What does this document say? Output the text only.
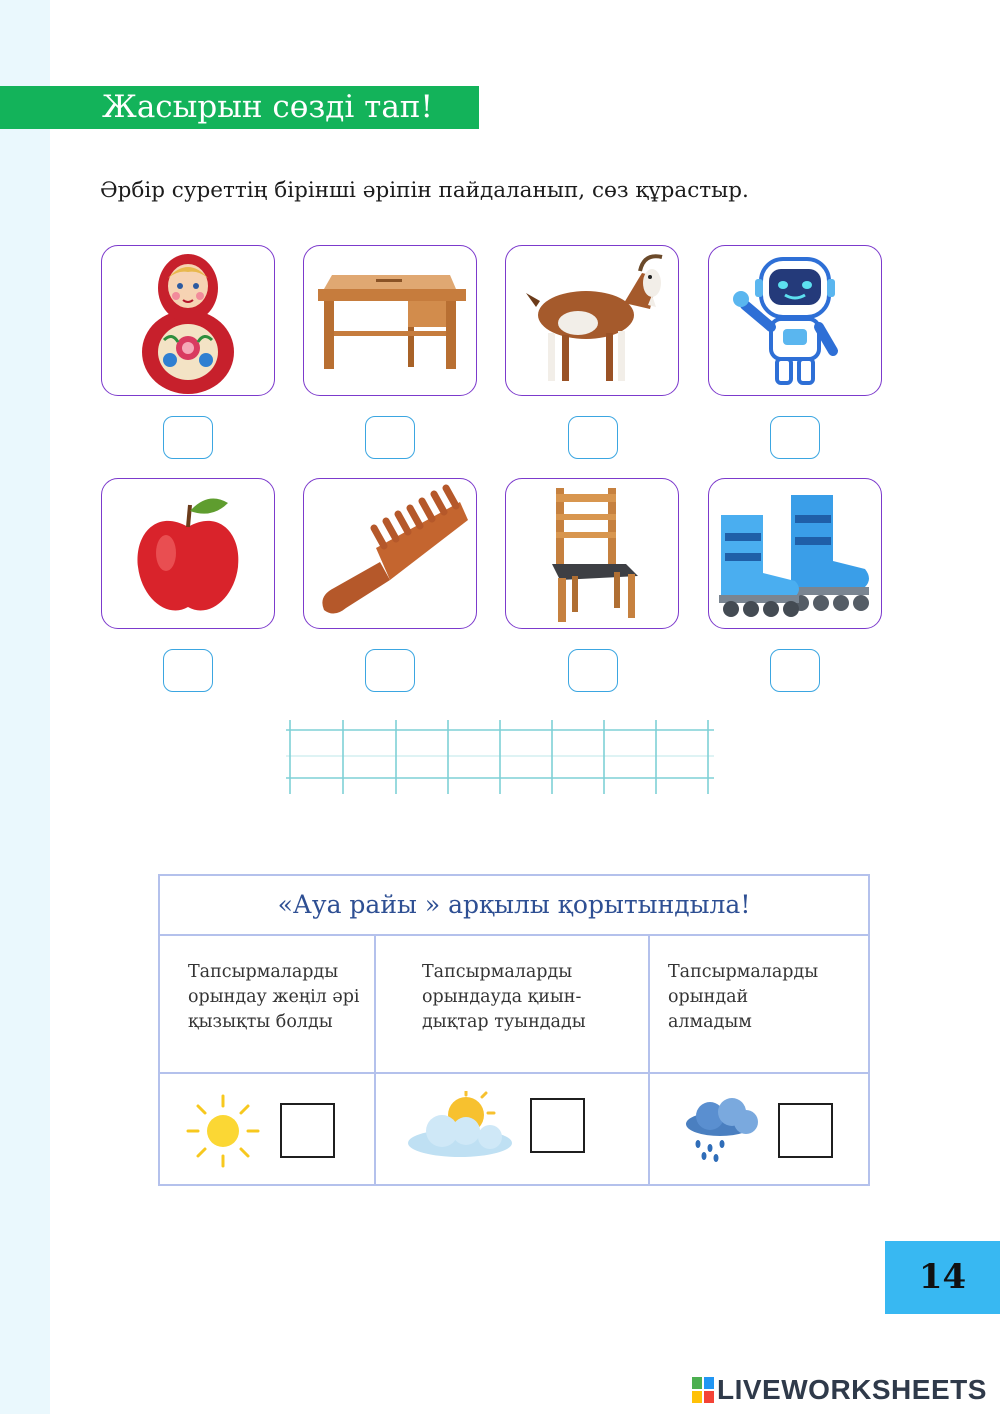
Жасырын сөзді тап!
Әрбір суреттің бірінші әріпін пайдаланып, сөз құрастыр.
«Ауа райы » арқылы қорытындыла!
Тапсырмаларды
орындау жеңіл әрі
қызықты болды
Тапсырмаларды
орындауда қиын-
дықтар туындады
Тапсырмаларды
орындай
алмадым
14
LIVEWORKSHEETS
